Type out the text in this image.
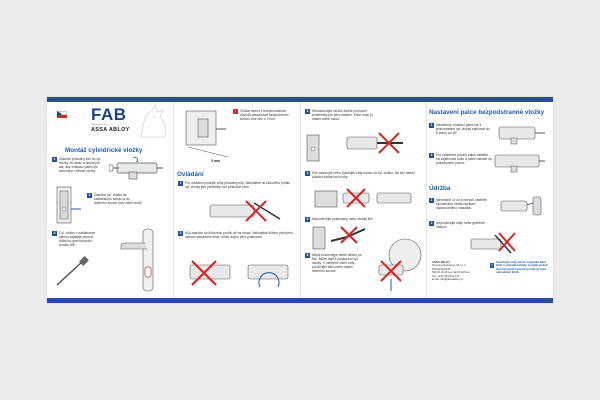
FAB
Bezpečnostní kování
ASSA ABLOY
Montáž cylindrické vložky
1	Zasuňte příslušný klíč do cyl. vložky na doraz a otočte jím tak, aby ovládací palec byl schovaný v tělese vložky.
2	Zasuňte cyl. vložku do zadlabacího zámku a do dveřního kování (bez nášlí uvnit)
3	Cyl. vložku v zadlabacím zámku zajistěte pomocí bočního upevňovacího šroubu M5.
!	Vložka nesmí z bezpečnostních důvodů přesahovat bezpečnostní kování více než o 3 mm.
3 mm
Ovládání
1	Pro ovládání použijte vždy příslušný klíč. Nekvalitně do klíčového profilu cyl. vložky jiné předměty než příslušné klíče.
2	Klíč zasuňte do klíčového profilu až na doraz. Nekvalitně klíčem před jeho úplným zasunutím klíče, může dojít k jeho poškození.
3	Nenasouvejte na klíč žádné pomocné prostředky pro jeho otáčení. Klíče musí jít otáčet volně rukou.
4	Klíč zasunujte nebo vytahujte vždy kolmo na cyl. vložku. Na klíč nesmí působit žádné boční síly.
5	Nepoužívejte poškozený nebo ohnutý klíč
6	Nikdy nezdvihejte dveře tahem za klíč. Může dojít k poškození cyl. vložky. V otevřené dveři vždy používejte kliku nebo madlo dveřního kování.
Nastavení palce bezpodstranné vložky
1	Nastavený ovládací palec lze z jednostranné cyl. vložky zafixovat do 8 poloh po 45°
2	Pro nastavení polohy palce zatlačte na zajišťovací kolík a palec natočte do požadované pozice.
Údržba
1	Minimálně 1x za 6 měsíců ošetřete cylindrickou vložku aplikací doporučeného mazadla.
2	Nepoužívejte oleje nebo grafitové mazivo.
ASSA ABLOY
Opening Solutions CZ s.r.o.
Dřevařská 833
516 01 Rychnov nad Kněžnou
Tel: +420 494 511 111
email: info@assaabloy.cz
i
Používejte vždy pouze originální klíče FAB. V případě potřeby využijte služeb autorizovaných partnerů FAB (výroba náhradních klíčů).
